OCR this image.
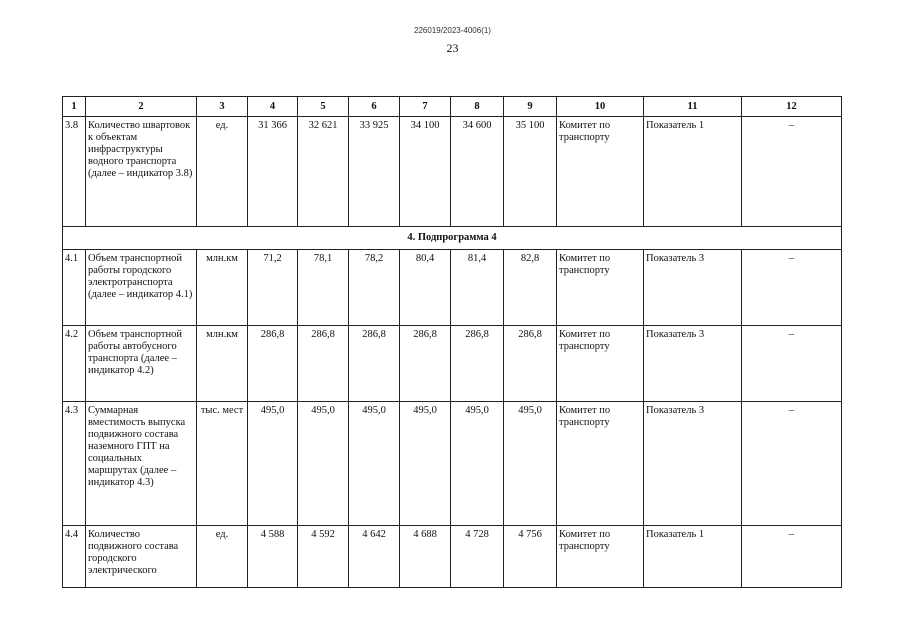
226019/2023-4006(1)
23
1	2	3	4	5	6	7	8	9	10	11	12
3.8	Количество швартовок к объектам инфраструктуры водного транспорта (далее – индикатор 3.8)	ед.	31 366	32 621	33 925	34 100	34 600	35 100	Комитет по транспорту	Показатель 1	–
4. Подпрограмма 4											
4.1	Объем транспортной работы городского электротранспорта (далее – индикатор 4.1)	млн.км	71,2	78,1	78,2	80,4	81,4	82,8	Комитет по транспорту	Показатель 3	–
4.2	Объем транспортной работы автобусного транспорта (далее – индикатор 4.2)	млн.км	286,8	286,8	286,8	286,8	286,8	286,8	Комитет по транспорту	Показатель 3	–
4.3	Суммарная вместимость выпуска подвижного состава наземного ГПТ на социальных маршрутах (далее – индикатор 4.3)	тыс. мест	495,0	495,0	495,0	495,0	495,0	495,0	Комитет по транспорту	Показатель 3	–
4.4	Количество подвижного состава городского электрического	ед.	4 588	4 592	4 642	4 688	4 728	4 756	Комитет по транспорту	Показатель 1	–
